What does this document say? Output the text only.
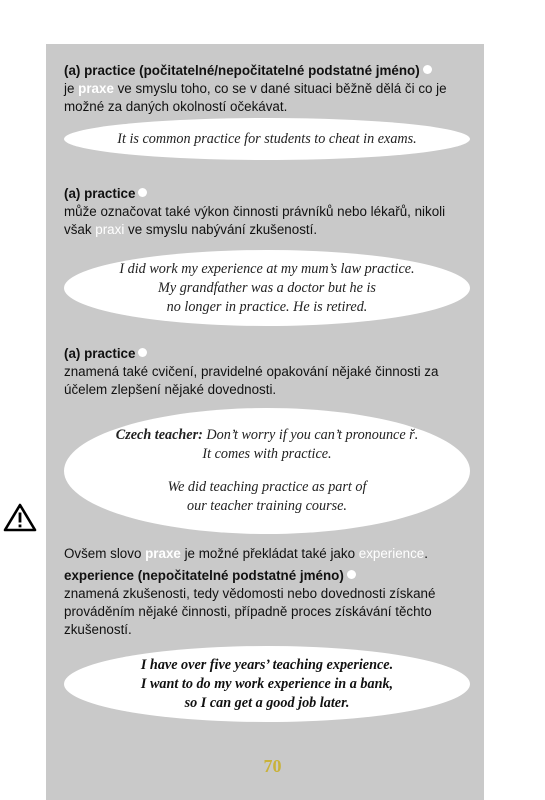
(a) practice (počitatelné/nepočitatelné podstatné jméno)
je praxe ve smyslu toho, co se v dané situaci běžně dělá či co je možné za daných okolností očekávat.
It is common practice for students to cheat in exams.
(a) practice
může označovat také výkon činnosti právníků nebo lékařů, nikoli však praxi ve smyslu nabývání zkušeností.
I did work my experience at my mum’s law practice.
My grandfather was a doctor but he is
no longer in practice. He is retired.
(a) practice
znamená také cvičení, pravidelné opakování nějaké činnosti za účelem zlepšení nějaké dovednosti.
Czech teacher: Don’t worry if you can’t pronounce ř.
It comes with practice.
We did teaching practice as part of
our teacher training course.
Ovšem slovo praxe je možné překládat také jako experience.
experience (nepočitatelné podstatné jméno)
znamená zkušenosti, tedy vědomosti nebo dovednosti získané prováděním nějaké činnosti, případně proces získávání těchto zkušeností.
I have over five years’ teaching experience.
I want to do my work experience in a bank,
so I can get a good job later.
70
